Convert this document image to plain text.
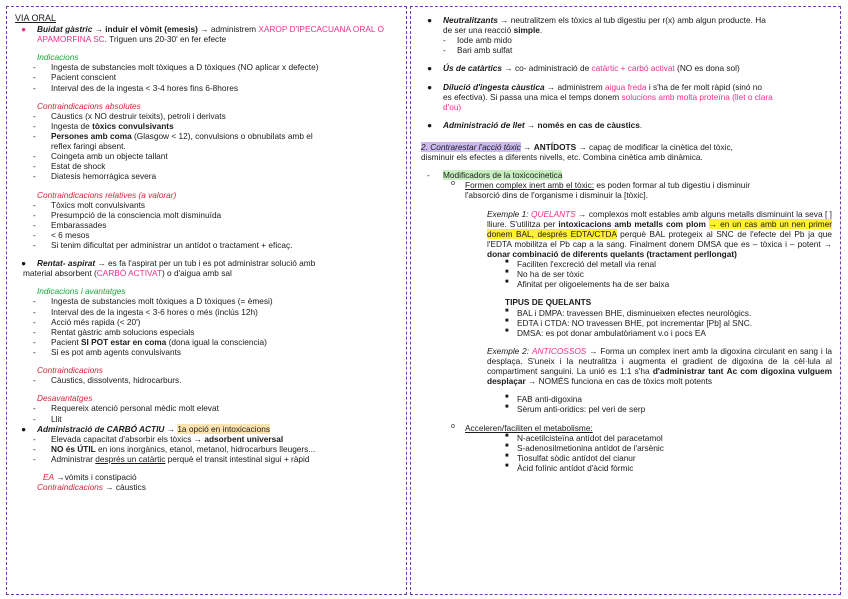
VIA ORAL
● Buidat gàstric → induir el vòmit (emesis) → administrem XAROP D'IPECACUANA ORAL O APAMORFINA SC. Triguen uns 20-30' en fer efecte
Indicacions
- Ingesta de substancies molt tòxiques a D tòxiques (NO aplicar x defecte)
- Pacient conscient
- Interval des de la ingesta < 3-4 hores fins 6-8hores
Contraindicacions absolutes
- Càustics (x NO destruir teixits), petroli i derivats
- Ingesta de tòxics convulsivants
- Persones amb coma (Glasgow < 12), convulsions o obnubilats amb el
reflex faringi absent.
- Coingeta amb un objecte tallant
- Estat de shock
- Diatesis hemorràgica severa
Contraindicacions relatives (a valorar)
- Tòxics molt convulsivants
- Presumpció de la consciencia molt disminuïda
- Embarassades
- < 6 mesos
- Si tenim dificultat per administrar un antídot o tractament + eficaç.
● Rentat- aspirat → es fa l'aspirat per un tub i es pot administrar solució amb
material absorbent (CARBÓ ACTIVAT) o d'aigua amb sal
Indicacions i avantatges
- Ingesta de substancies molt tòxiques a D tòxiques (= èmesi)
- Interval des de la ingesta < 3-6 hores o més (inclús 12h)
- Acció més rapida (< 20')
- Rentat gàstric amb solucions especials
- Pacient SI POT estar en coma (dona igual la consciencia)
- Si es pot amb agents convulsivants
Contraindicacions
- Càustics, dissolvents, hidrocarburs.
Desavantatges
- Requereix atenció personal mèdic molt elevat
- Llit
● Administració de CARBÓ ACTIU → 1a opció en intoxicacions
- Elevada capacitat d'absorbir els tòxics → adsorbent universal
- NO és ÚTIL en ions inorgànics, etanol, metanol, hidrocarburs lleugers...
- Administrar després un catàrtic perquè el transit intestinal sigui + ràpid
EA →vòmits i constipació
Contraindicacions → càustics
● Neutralitzants → neutralitzem els tòxics al tub digestiu per r(x) amb algun producte. Ha
de ser una reacció simple.
- Iode amb mido
- Bari amb sulfat
● Ús de catàrtics → co- administració de catàrtic + carbó activat (NO es dona sol)
● Dilució d'ingesta càustica → administrem aigua freda i s'ha de fer molt ràpid (sinó no
es efectiva). Si passa una mica el temps donem solucions amb molta proteïna (llet o clara
d'ou)
● Administració de llet → només en cas de càustics.
2. Contrarestar l'acció tòxic → ANTÍDOTS → capaç de modificar la cinètica del tòxic,
disminuir els efectes a diferents nivells, etc. Combina cinètica amb dinàmica.
- Modificadors de la toxicocinetica
o Formen complex inert amb el tòxic: es poden formar al tub digestiu i disminuir
l'absorció dins de l'organisme i disminuir la [tòxic].
Exemple 1: QUELANTS → complexos molt estables amb alguns metalls disminuint la seva [ ] lliure. S'utilitza per intoxicacions amb metalls com plom → en un cas amb un nen primer donem BAL, després EDTA/CTDA perquè BAL protegeix al SNC de l'efecte del Pb ja que l'EDTA mobilitza el Pb cap a la sang. Finalment donem DMSA que es – tòxica i – potent → donar combinació de diferents quelants (tractament perllongat)
■ Faciliten l'excreció del metall via renal
■ No ha de ser tòxic
■ Afinitat per oligoelements ha de ser baixa
TIPUS DE QUELANTS
■ BAL i DMPA: travessen BHE, disminueixen efectes neurològics.
■ EDTA i CTDA: NO travessen BHE, pot incrementar [Pb] al SNC.
■ DMSA: es pot donar ambulatòriament v.o i pocs EA
Exemple 2: ANTICOSSOS → Forma un complex inert amb la digoxina circulant en sang i la desplaça. S'uneix i la neutralitza i augmenta el gradient de digoxina de la cèl·lula al compartiment sanguini. La unió es 1:1 s'ha d'administrar tant Ac com digoxina vulguem desplaçar → NOMÉS funciona en cas de tòxics molt potents
■ FAB anti-digoxina
■ Sèrum anti-oridics: pel veri de serp
o Acceleren/faciliten el metabolisme:
■ N-acetilcisteïna antídot del paracetamol
■ S-adenosilmetionina antídot de l'arsènic
■ Tiosulfat sòdic antídot del cianur
■ Àcid folínic antídot d'àcid fòrmic
